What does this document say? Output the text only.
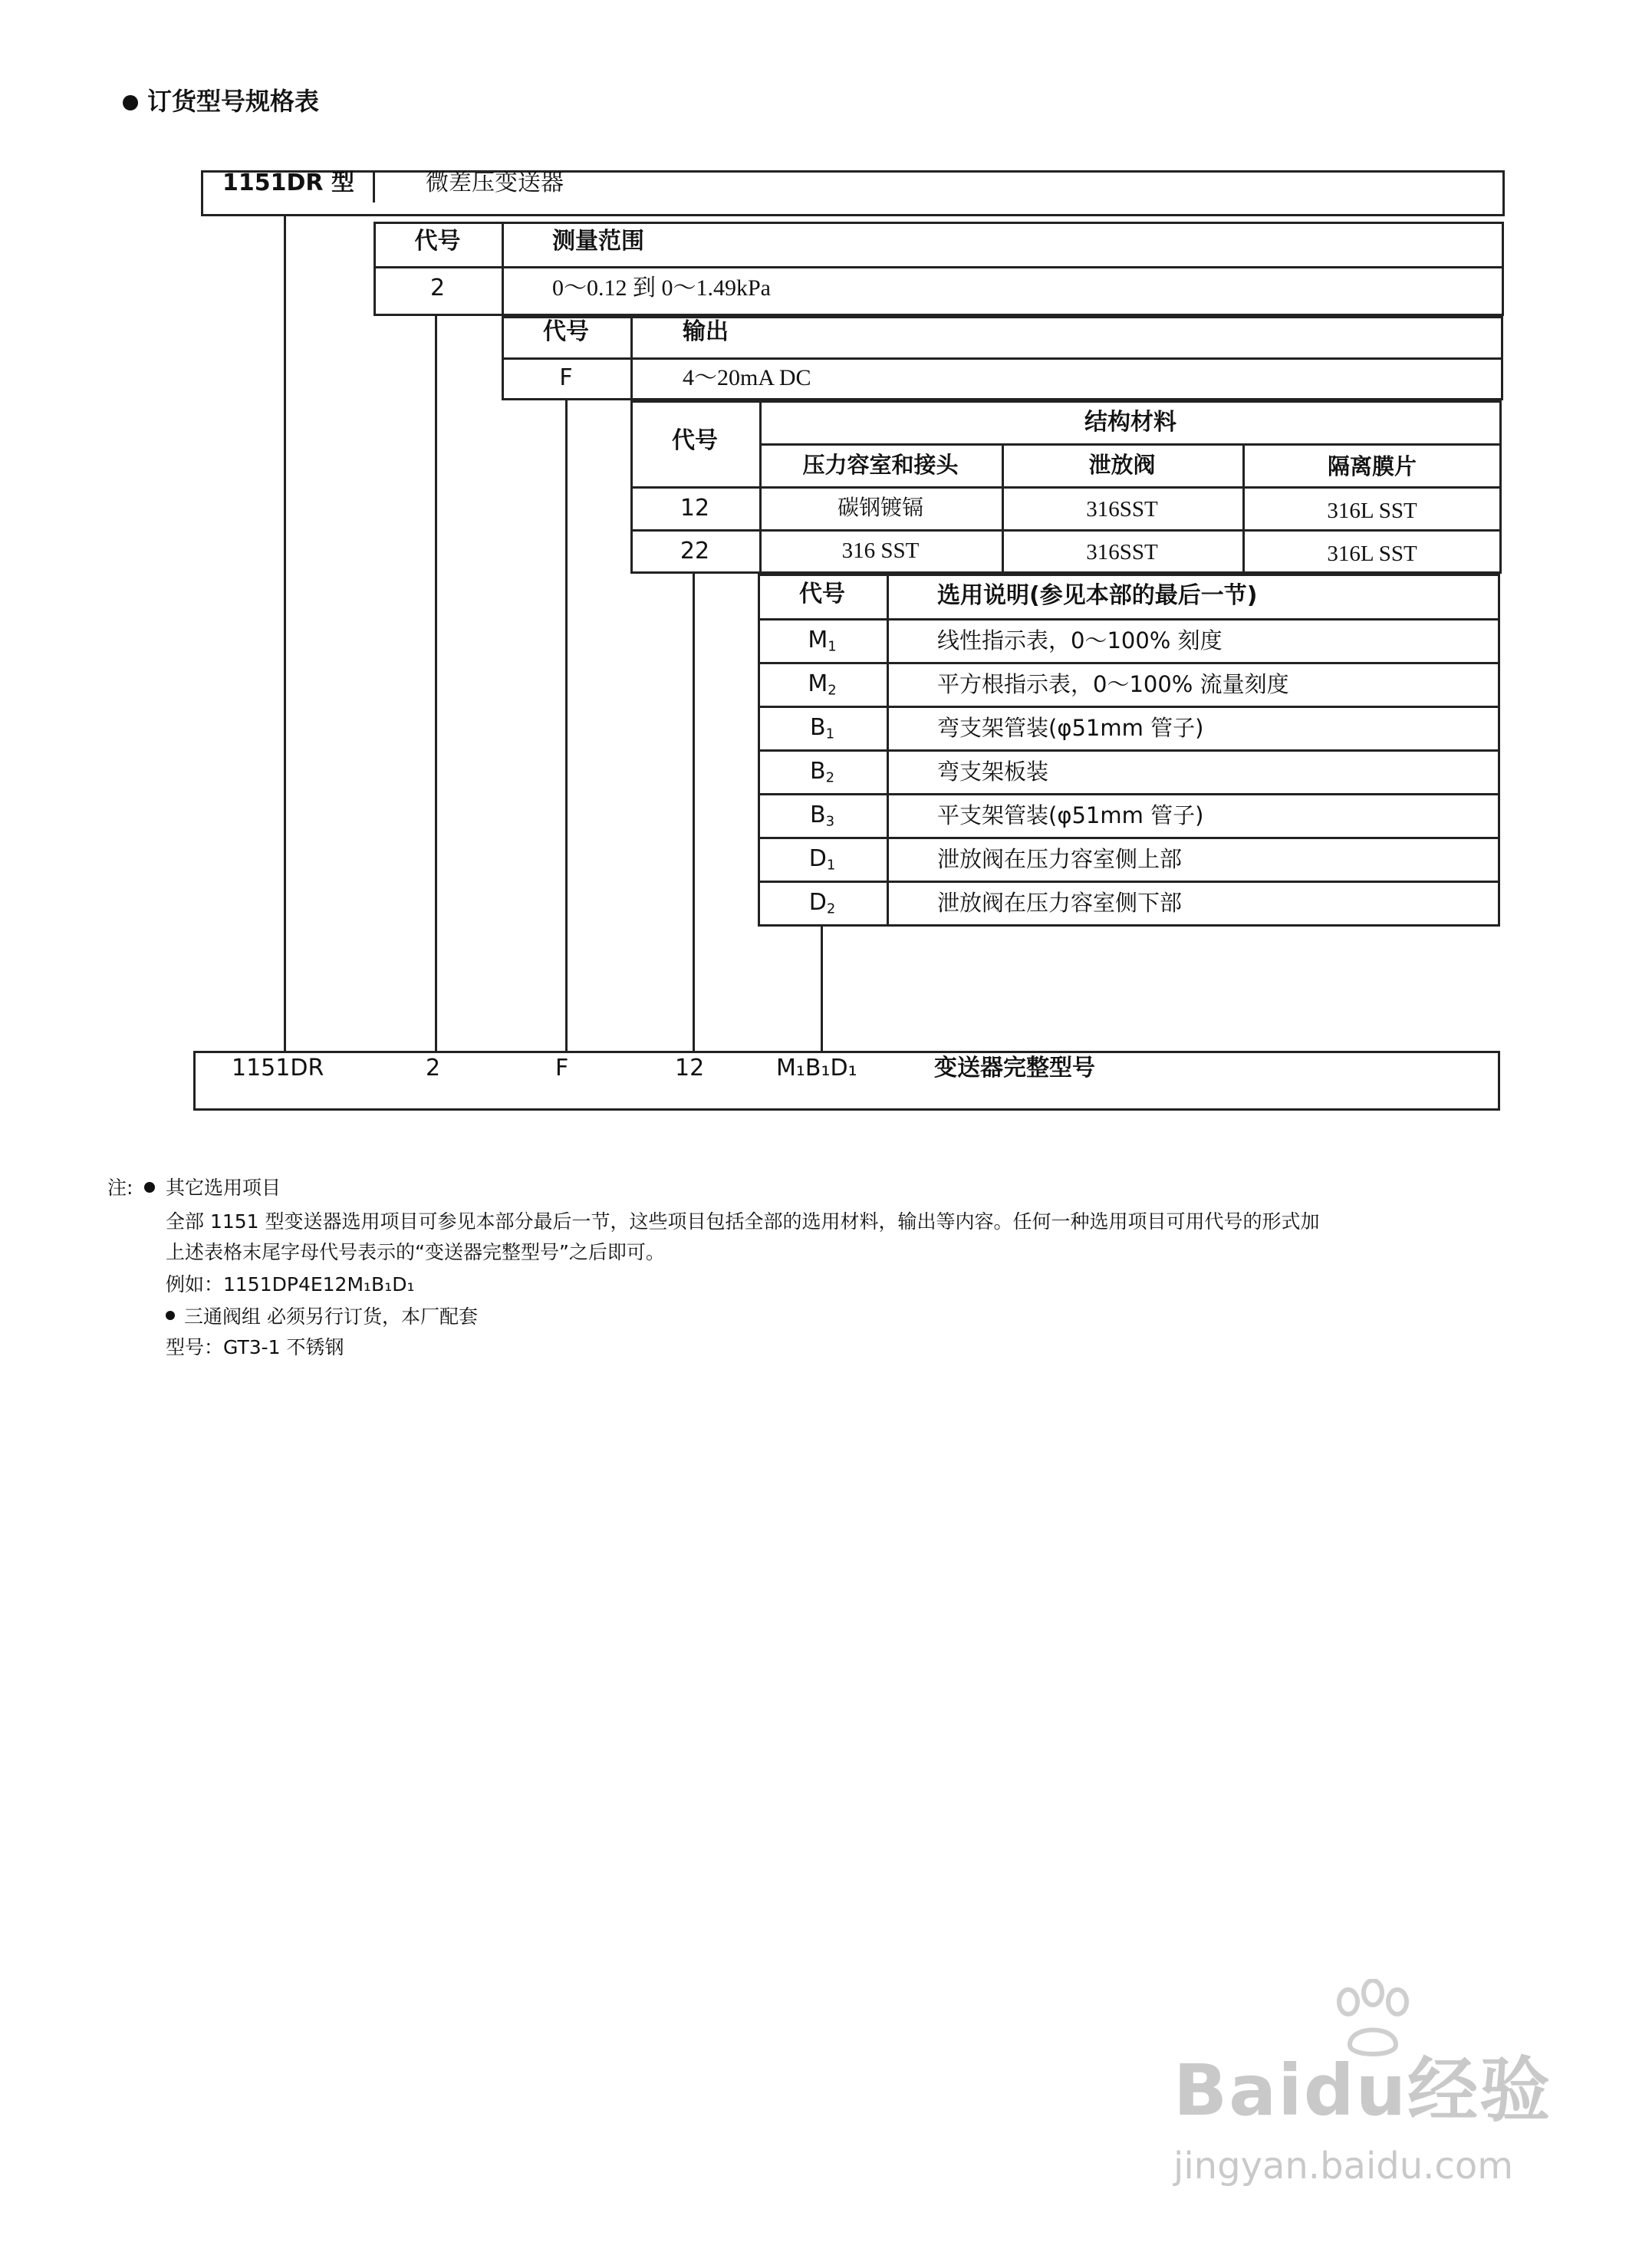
订货型号规格表
1151DR 型	微差压变送器
代号	测量范围
2	0～0.12 到 0～1.49kPa
代号	输出
F	4～20mA DC
代号
结构材料
压力容室和接头	泄放阀	隔离膜片
12	碳钢镀镉	316SST	316L SST
22	316 SST	316SST	316L SST
代号	选用说明(参见本部的最后一节)
$M_1$	线性指示表，0～100% 刻度
$M_2$	平方根指示表，0～100% 流量刻度
$B_1$	弯支架管装(φ51mm 管子)
$B_2$	弯支架板装
$B_3$	平支架管装(φ51mm 管子)
$D_1$	泄放阀在压力容室侧上部
$D_2$	泄放阀在压力容室侧下部
1151DR	2	F	12	M₁B₁D₁	变送器完整型号
注: 其它选用项目
全部 1151 型变送器选用项目可参见本部分最后一节，这些项目包括全部的选用材料，输出等内容。任何一种选用项目可用代号的形式加
上述表格末尾字母代号表示的“变送器完整型号”之后即可。
例如：1151DP4E12M₁B₁D₁
三通阀组 必须另行订货，本厂配套
型号：GT3-1 不锈钢
Baidu经验
jingyan.baidu.com
